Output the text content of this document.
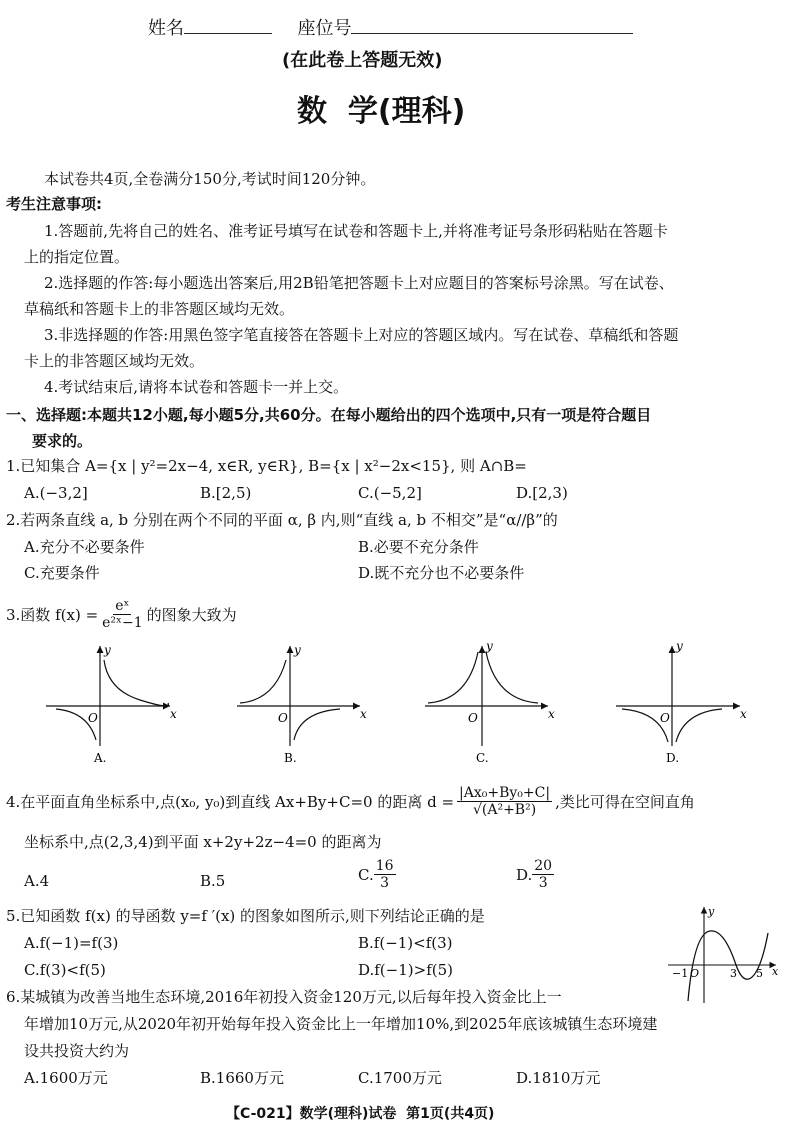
姓名	座位号
(在此卷上答题无效)
数  学(理科)
本试卷共4页,全卷满分150分,考试时间120分钟。
考生注意事项:
1.答题前,先将自己的姓名、准考证号填写在试卷和答题卡上,并将准考证号条形码粘贴在答题卡
上的指定位置。
2.选择题的作答:每小题选出答案后,用2B铅笔把答题卡上对应题目的答案标号涂黑。写在试卷、
草稿纸和答题卡上的非答题区域均无效。
3.非选择题的作答:用黑色签字笔直接答在答题卡上对应的答题区域内。写在试卷、草稿纸和答题
卡上的非答题区域均无效。
4.考试结束后,请将本试卷和答题卡一并上交。
一、选择题:本题共12小题,每小题5分,共60分。在每小题给出的四个选项中,只有一项是符合题目
要求的。
1.已知集合 A={x | y²=2x−4, x∈R, y∈R}, B={x | x²−2x<15}, 则 A∩B=
A.(−3,2]	B.[2,5)	C.(−5,2]	D.[2,3)
2.若两条直线 a, b 分别在两个不同的平面 α, β 内,则“直线 a, b 不相交”是“α//β”的
A.充分不必要条件	B.必要不充分条件
C.充要条件	D.既不充分也不必要条件
3.函数 $f(x) = \frac{\text{eˣ}}{\text{e²ˣ−1}}$ 的图象大致为
O
y
x
A.
O
y
x
B.
O
y
x
C.
O
y
x
D.
4.在平面直角坐标系中,点(x₀, y₀)到直线 Ax+By+C=0 的距离 $d = \frac{\text{|Ax₀+By₀+C|}}{\text{√(A²+B²)}}$ ,类比可得在空间直角
坐标系中,点(2,3,4)到平面 x+2y+2z−4=0 的距离为
A.4	B.5	C. $\frac{16}{3}$	D. $\frac{20}{3}$
5.已知函数 f(x) 的导函数 y=f ′(x) 的图象如图所示,则下列结论正确的是
A.f(−1)=f(3)	B.f(−1)<f(3)
C.f(3)<f(5)	D.f(−1)>f(5)	−1 O	3 5 x
y
6.某城镇为改善当地生态环境,2016年初投入资金120万元,以后每年投入资金比上一
年增加10万元,从2020年初开始每年投入资金比上一年增加10%,到2025年底该城镇生态环境建
设共投资大约为
A.1600万元	B.1660万元	C.1700万元	D.1810万元
【C-021】数学(理科)试卷  第1页(共4页)
